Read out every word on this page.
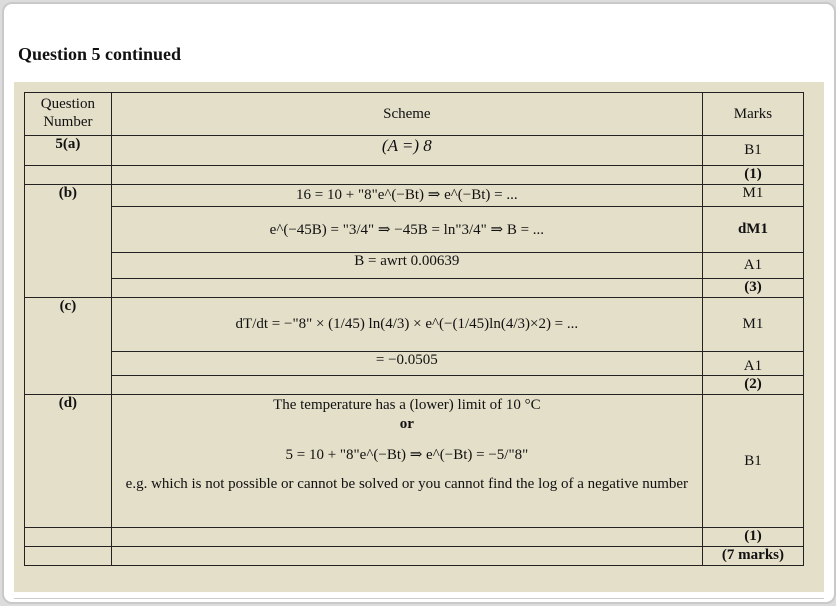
Question 5 continued
Question Number	Scheme	Marks
5(a)	(A =) 8	B1
		(1)
(b)	16 = 10 + "8"e^(−Bt) ⇒ e^(−Bt) = ...	M1
	e^(−45B) = "3/4" ⇒ −45B = ln"3/4" ⇒ B = ...	dM1
	B = awrt 0.00639	A1
		(3)
(c)	dT/dt = −"8" × (1/45) ln(4/3) × e^(−(1/45)ln(4/3)×2) = ...	M1
	= −0.0505	A1
		(2)
(d)	The temperature has a (lower) limit of 10 °C
or
5 = 10 + "8"e^(−Bt) ⇒ e^(−Bt) = −5/"8"
e.g. which is not possible or cannot be solved or you cannot find the log of a negative number	B1
		(1)
		(7 marks)
